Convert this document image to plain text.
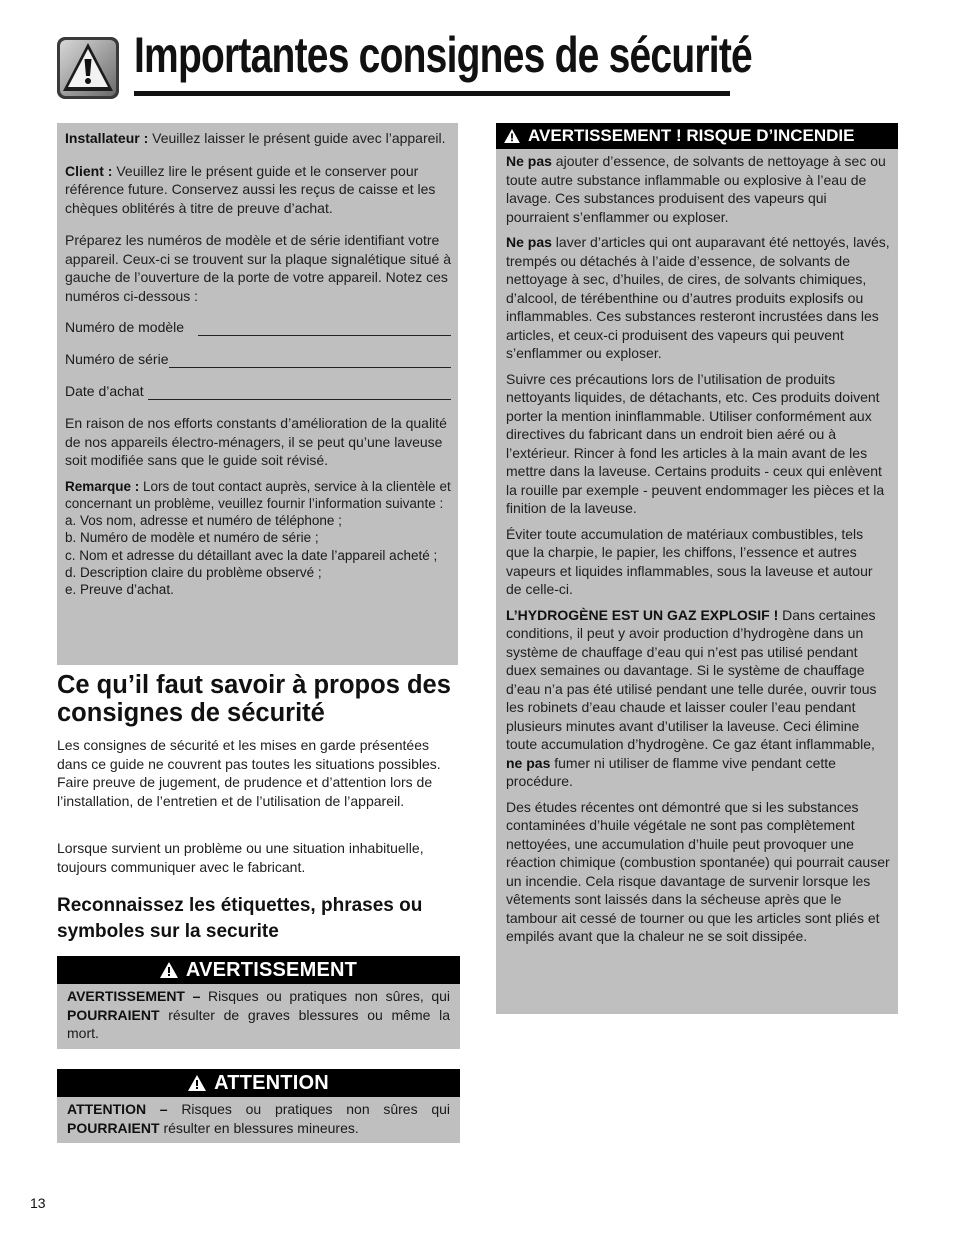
Importantes consignes de sécurité

Installateur : Veuillez laisser le présent guide avec l’appareil.

Client : Veuillez lire le présent guide et le conserver pour référence future. Conservez aussi les reçus de caisse et les chèques oblitérés à titre de preuve d’achat.

Préparez les numéros de modèle et de série identifiant votre appareil. Ceux-ci se trouvent sur la plaque signalétique situé à gauche de l’ouverture de la porte de votre appareil. Notez ces numéros ci-dessous :

Numéro de modèle
Numéro de série
Date d’achat

En raison de nos efforts constants d’amélioration de la qualité de nos appareils électro-ménagers, il se peut qu’une laveuse soit modifiée sans que le guide soit révisé.

Remarque : Lors de tout contact auprès, service à la clientèle et concernant un problème, veuillez fournir l’information suivante :

a. Vos nom, adresse et numéro de téléphone ;
b. Numéro de modèle et numéro de série ;
c. Nom et adresse du détaillant avec la date l’appareil acheté ;
d. Description claire du problème observé ;
e. Preuve d’achat.
Ce qu’il faut savoir à propos des consignes de sécurité

Les consignes de sécurité et les mises en garde présentées dans ce guide ne couvrent pas toutes les situations possibles. Faire preuve de jugement, de prudence et d’attention lors de l’installation, de l’entretien et de l’utilisation de l’appareil.

Lorsque survient un problème ou une situation inhabituelle, toujours communiquer avec le fabricant.

Reconnaissez les étiquettes, phrases ou symboles sur la securite
AVERTISSEMENT
AVERTISSEMENT – Risques ou pratiques non sûres, qui POURRAIENT résulter de graves blessures ou même la mort.
ATTENTION
ATTENTION – Risques ou pratiques non sûres qui POURRAIENT résulter en blessures mineures.
AVERTISSEMENT ! RISQUE D’INCENDIE

Ne pas ajouter d’essence, de solvants de nettoyage à sec ou toute autre substance inflammable ou explosive à l’eau de lavage. Ces substances produisent des vapeurs qui pourraient s’enflammer ou exploser.

Ne pas laver d’articles qui ont auparavant été nettoyés, lavés, trempés ou détachés à l’aide d’essence, de solvants de nettoyage à sec, d’huiles, de cires, de solvants chimiques, d’alcool, de térébenthine ou d’autres produits explosifs ou inflammables. Ces substances resteront incrustées dans les articles, et ceux-ci produisent des vapeurs qui peuvent s’enflammer ou exploser.

Suivre ces précautions lors de l’utilisation de produits nettoyants liquides, de détachants, etc. Ces produits doivent porter la mention ininflammable. Utiliser conformément aux directives du fabricant dans un endroit bien aéré ou à l’extérieur. Rincer à fond les articles à la main avant de les mettre dans la laveuse. Certains produits - ceux qui enlèvent la rouille par exemple - peuvent endommager les pièces et la finition de la laveuse.

Éviter toute accumulation de matériaux combustibles, tels que la charpie, le papier, les chiffons, l’essence et autres vapeurs et liquides inflammables, sous la laveuse et autour de celle-ci.

L’HYDROGÈNE EST UN GAZ EXPLOSIF ! Dans certaines conditions, il peut y avoir production d’hydrogène dans un système de chauffage d’eau qui n’est pas utilisé pendant duex semaines ou davantage. Si le système de chauffage d’eau n’a pas été utilisé pendant une telle durée, ouvrir tous les robinets d’eau chaude et laisser couler l’eau pendant plusieurs minutes avant d’utiliser la laveuse. Ceci élimine toute accumulation d’hydrogène. Ce gaz étant inflammable, ne pas fumer ni utiliser de flamme vive pendant cette procédure.

Des études récentes ont démontré que si les substances contaminées d’huile végétale ne sont pas complètement nettoyées, une accumulation d’huile peut provoquer une réaction chimique (combustion spontanée) qui pourrait causer un incendie. Cela risque davantage de survenir lorsque les vêtements sont laissés dans la sécheuse après que le tambour ait cessé de tourner ou que les articles sont pliés et empilés avant que la chaleur ne se soit dissipée.

13
